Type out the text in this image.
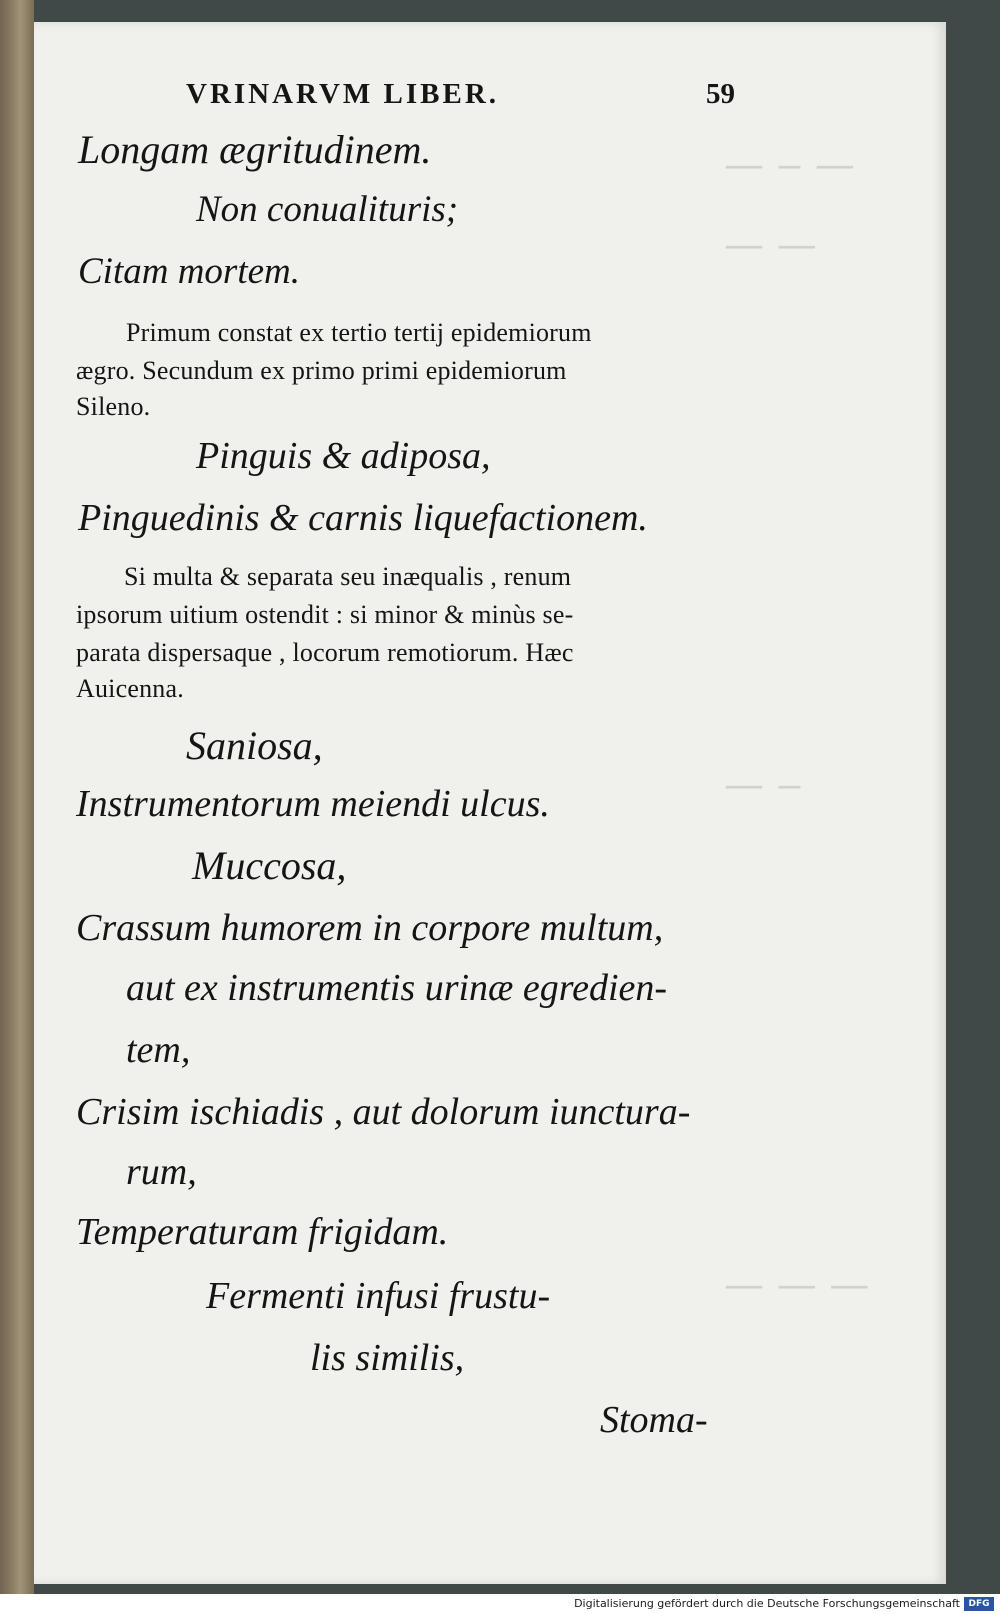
— ‒ —
— —
— ‒
— — —
VRINARVM LIBER.	59
Longam ægritudinem.
Non conualituris;
Citam mortem.
Primum constat ex tertio tertij epidemiorum
ægro. Secundum ex primo primi epidemiorum
Sileno.
Pinguis & adiposa,
Pinguedinis & carnis liquefactionem.
Si multa & separata seu inæqualis , renum
ipsorum uitium ostendit : si minor & minùs se-
parata dispersaque , locorum remotiorum. Hæc
Auicenna.
Saniosa,
Instrumentorum meiendi ulcus.
Muccosa,
Crassum humorem in corpore multum,
aut ex instrumentis urinæ egredien-
tem,
Crisim ischiadis , aut dolorum iunctura-
rum,
Temperaturam frigidam.
Fermenti infusi frustu-
lis similis,
Stoma-
Digitalisierung gefördert durch die Deutsche Forschungsgemeinschaft DFG
